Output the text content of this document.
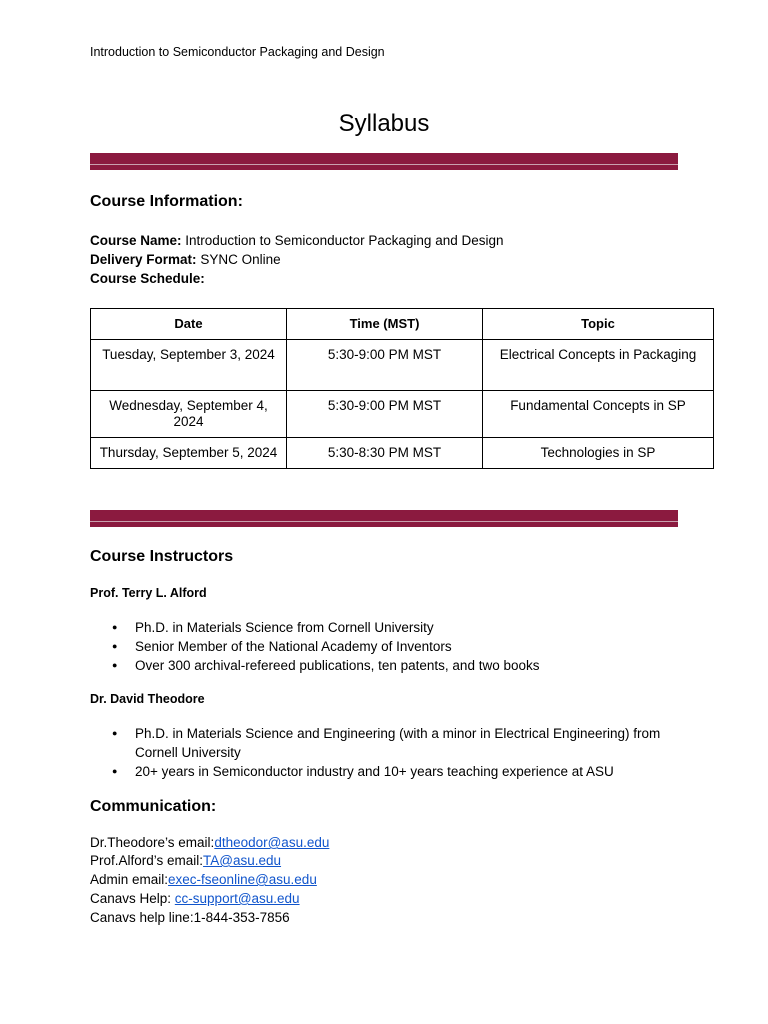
Introduction to Semiconductor Packaging and Design
Syllabus
Course Information:
Course Name: Introduction to Semiconductor Packaging and Design
Delivery Format: SYNC Online
Course Schedule:
Date	Time (MST)	Topic
Tuesday, September 3, 2024	5:30-9:00 PM MST	Electrical Concepts in Packaging
Wednesday, September 4, 2024	5:30-9:00 PM MST	Fundamental Concepts in SP
Thursday, September 5, 2024	5:30-8:30 PM MST	Technologies in SP
Course Instructors
Prof. Terry L. Alford
● Ph.D. in Materials Science from Cornell University
● Senior Member of the National Academy of Inventors
● Over 300 archival-refereed publications, ten patents, and two books
Dr. David Theodore
● Ph.D. in Materials Science and Engineering (with a minor in Electrical Engineering) from Cornell University
● 20+ years in Semiconductor industry and 10+ years teaching experience at ASU
Communication:
Dr.Theodore’s email:dtheodor@asu.edu
Prof.Alford’s email:TA@asu.edu
Admin email:exec-fseonline@asu.edu
Canavs Help: cc-support@asu.edu
Canavs help line:1-844-353-7856
